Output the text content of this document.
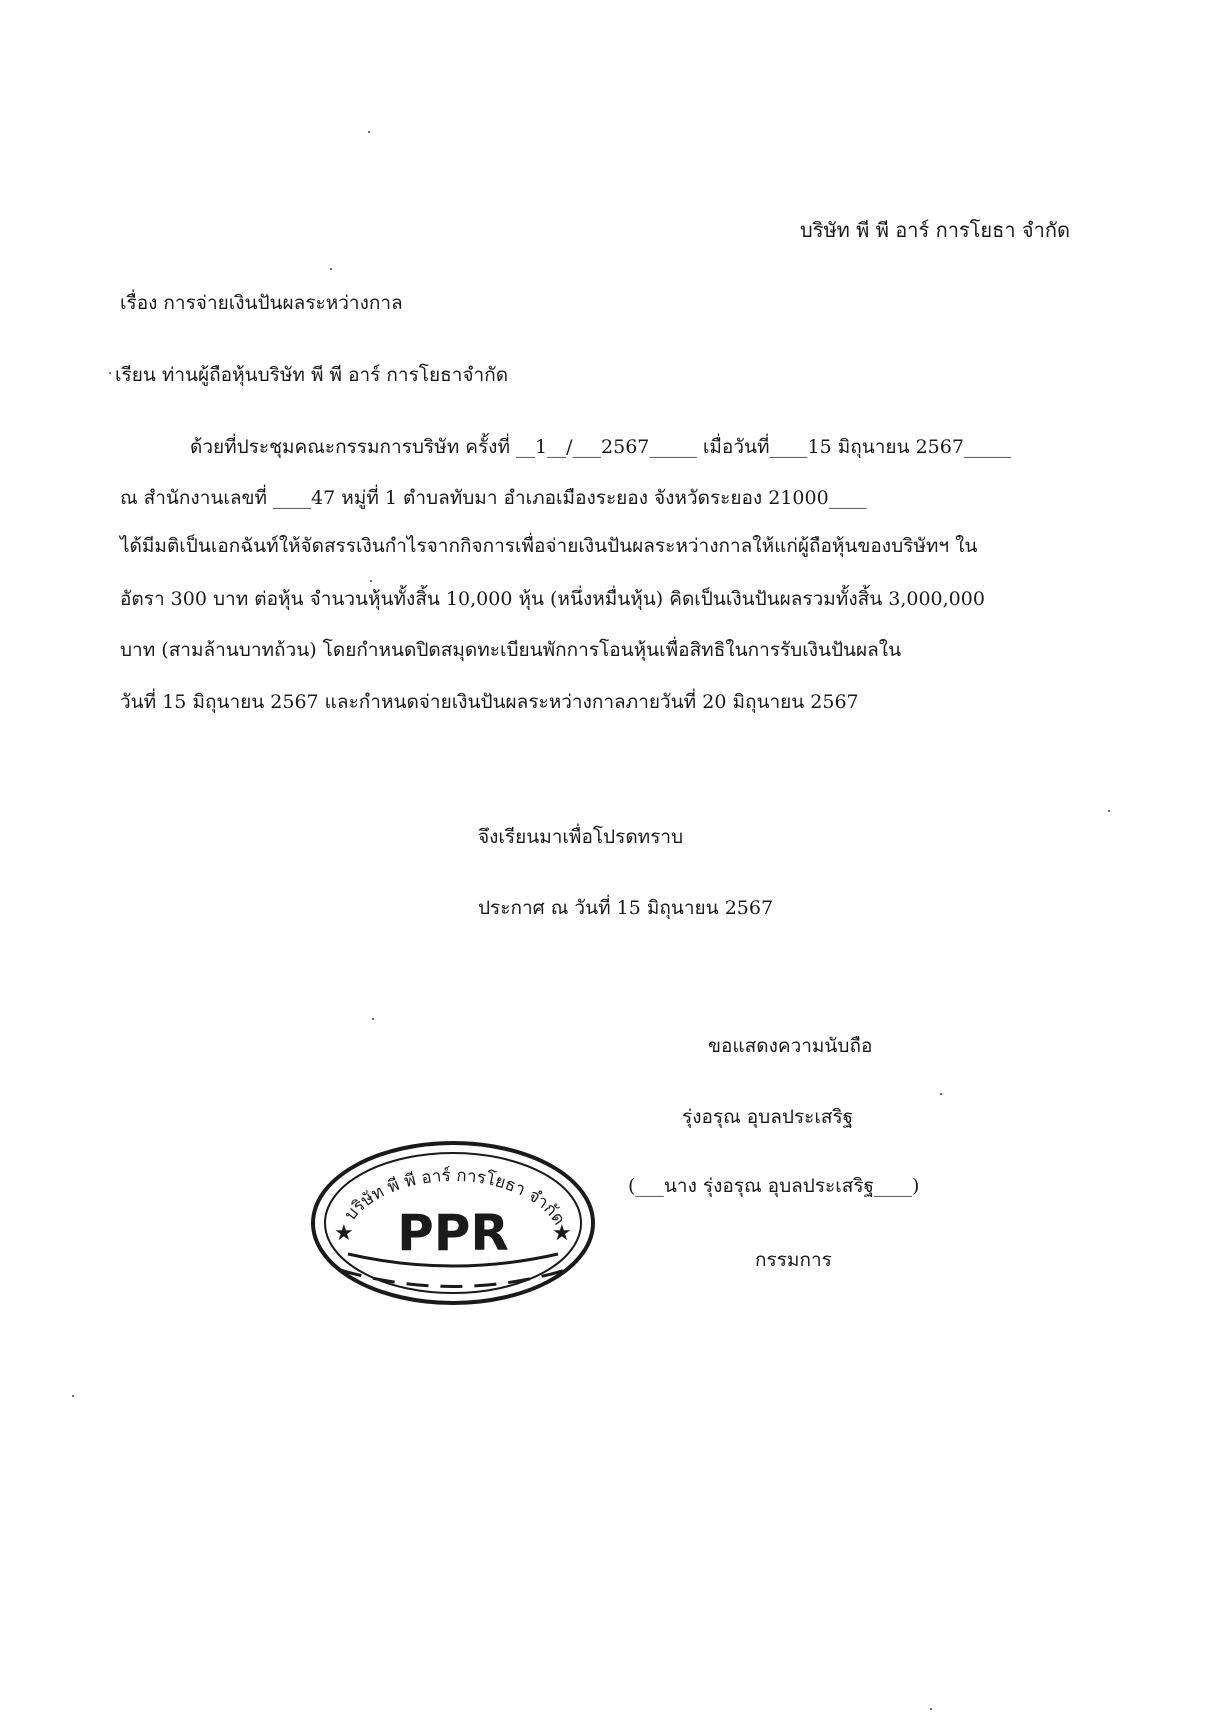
บริษัท พี พี อาร์ การโยธา จำกัด
เรื่อง การจ่ายเงินปันผลระหว่างกาล
เรียน ท่านผู้ถือหุ้นบริษัท พี พี อาร์ การโยธาจำกัด
ด้วยที่ประชุมคณะกรรมการบริษัท ครั้งที่ __1__/___2567_____ เมื่อวันที่____15 มิถุนายน 2567_____
ณ สำนักงานเลขที่ ____47 หมู่ที่ 1 ตำบลทับมา อำเภอเมืองระยอง จังหวัดระยอง 21000____
ได้มีมติเป็นเอกฉันท์ให้จัดสรรเงินกำไรจากกิจการเพื่อจ่ายเงินปันผลระหว่างกาลให้แก่ผู้ถือหุ้นของบริษัทฯ ใน
อัตรา 300 บาท ต่อหุ้น จำนวนหุ้นทั้งสิ้น 10,000 หุ้น (หนึ่งหมื่นหุ้น) คิดเป็นเงินปันผลรวมทั้งสิ้น 3,000,000
บาท (สามล้านบาทถ้วน) โดยกำหนดปิดสมุดทะเบียนพักการโอนหุ้นเพื่อสิทธิในการรับเงินปันผลใน
วันที่ 15 มิถุนายน 2567 และกำหนดจ่ายเงินปันผลระหว่างกาลภายวันที่ 20 มิถุนายน 2567
จึงเรียนมาเพื่อโปรดทราบ
ประกาศ ณ วันที่ 15 มิถุนายน 2567
ขอแสดงความนับถือ
รุ่งอรุณ อุบลประเสริฐ
(___นาง รุ่งอรุณ อุบลประเสริฐ____)
กรรมการ
บริษัท พี พี อาร์ การโยธา จำกัด
★	★
PPR
